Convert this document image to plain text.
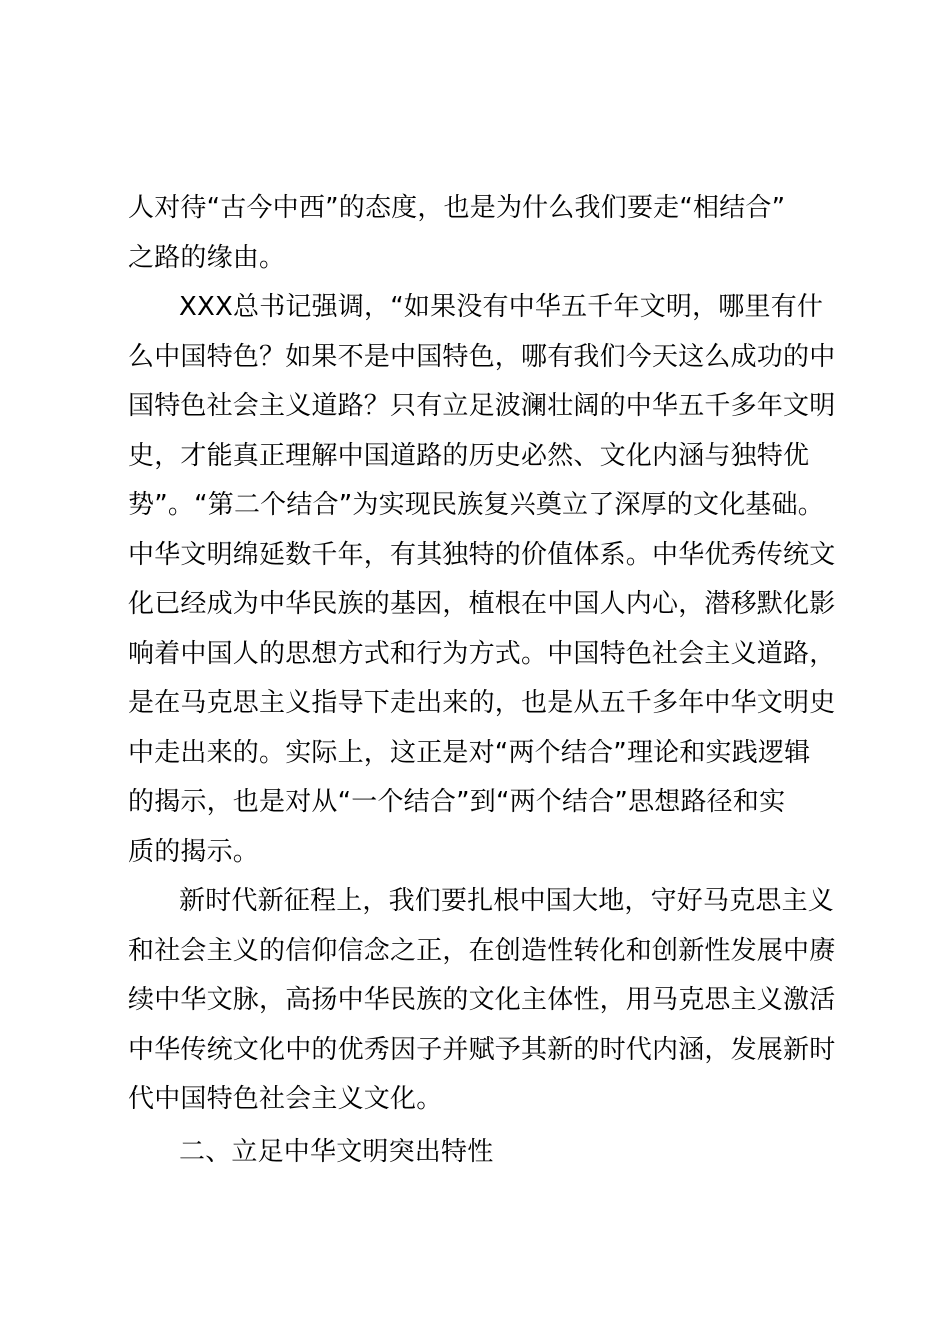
人对待“古今中西”的态度，也是为什么我们要走“相结合”
之路的缘由。
XXX总书记强调，“如果没有中华五千年文明，哪里有什
么中国特色？如果不是中国特色，哪有我们今天这么成功的中
国特色社会主义道路？只有立足波澜壮阔的中华五千多年文明
史，才能真正理解中国道路的历史必然、文化内涵与独特优
势”。“第二个结合”为实现民族复兴奠立了深厚的文化基础。
中华文明绵延数千年，有其独特的价值体系。中华优秀传统文
化已经成为中华民族的基因，植根在中国人内心，潜移默化影
响着中国人的思想方式和行为方式。中国特色社会主义道路，
是在马克思主义指导下走出来的，也是从五千多年中华文明史
中走出来的。实际上，这正是对“两个结合”理论和实践逻辑
的揭示，也是对从“一个结合”到“两个结合”思想路径和实
质的揭示。
新时代新征程上，我们要扎根中国大地，守好马克思主义
和社会主义的信仰信念之正，在创造性转化和创新性发展中赓
续中华文脉，高扬中华民族的文化主体性，用马克思主义激活
中华传统文化中的优秀因子并赋予其新的时代内涵，发展新时
代中国特色社会主义文化。
二、立足中华文明突出特性
